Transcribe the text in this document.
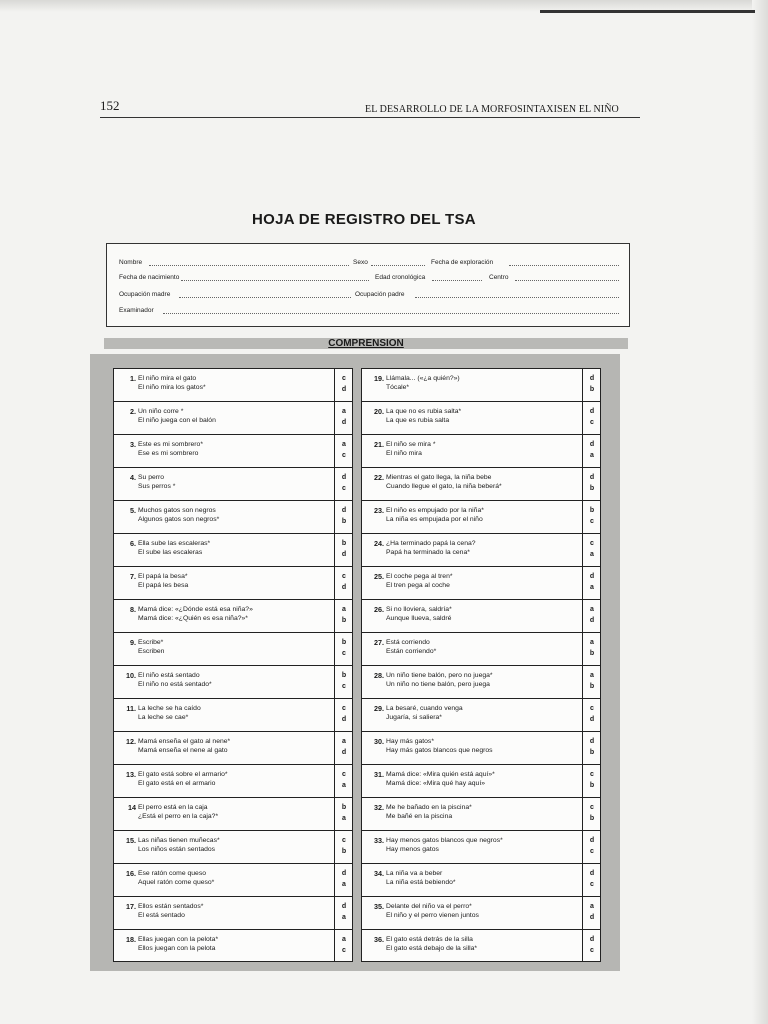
152	EL DESARROLLO DE LA MORFOSINTAXISEN EL NIÑO
HOJA DE REGISTRO DEL TSA
Nombre	Sexo	Fecha de exploración
Fecha de nacimiento	Edad cronológica	Centro
Ocupación madre	Ocupación padre
Examinador
COMPRENSION
1. El niño mira el gato
El niño mira los gatos*
c
d
2. Un niño corre *
El niño juega con el balón
a
d
3. Este es mi sombrero*
Ese es mi sombrero
a
c
4. Su perro
Sus perros *
d
c
5. Muchos gatos son negros
Algunos gatos son negros*
d
b
6. Ella sube las escaleras*
El sube las escaleras
b
d
7. El papá la besa*
El papá les besa
c
d
8. Mamá dice: «¿Dónde está esa niña?»
Mamá dice: «¿Quién es esa niña?»*
a
b
9. Escribe*
Escriben
b
c
10. El niño está sentado
El niño no está sentado*
b
c
11. La leche se ha caído
La leche se cae*
c
d
12. Mamá enseña el gato al nene*
Mamá enseña el nene al gato
a
d
13. El gato está sobre el armario*
El gato está en el armario
c
a
14 El perro está en la caja
¿Está el perro en la caja?*
b
a
15. Las niñas tienen muñecas*
Los niños están sentados
c
b
16. Ese ratón come queso
Aquel ratón come queso*
d
a
17. Ellos están sentados*
El está sentado
d
a
18. Ellas juegan con la pelota*
Ellos juegan con la pelota
a
c
19. Llámala... («¿a quién?»)
Tócale*
d
b
20. La que no es rubia salta*
La que es rubia salta
d
c
21. El niño se mira *
El niño mira
d
a
22. Mientras el gato llega, la niña bebe
Cuando llegue el gato, la niña beberá*
d
b
23. El niño es empujado por la niña*
La niña es empujada por el niño
b
c
24. ¿Ha terminado papá la cena?
Papá ha terminado la cena*
c
a
25. El coche pega al tren*
El tren pega al coche
d
a
26. Si no lloviera, saldría*
Aunque llueva, saldré
a
d
27. Está corriendo
Están corriendo*
a
b
28. Un niño tiene balón, pero no juega*
Un niño no tiene balón, pero juega
a
b
29. La besaré, cuando venga
Jugaría, si saliera*
c
d
30. Hay más gatos*
Hay más gatos blancos que negros
d
b
31. Mamá dice: «Mira quién está aquí»*
Mamá dice: «Mira qué hay aquí»
c
b
32. Me he bañado en la piscina*
Me bañé en la piscina
c
b
33. Hay menos gatos blancos que negros*
Hay menos gatos
d
c
34. La niña va a beber
La niña está bebiendo*
d
c
35. Delante del niño va el perro*
El niño y el perro vienen juntos
a
d
36. El gato está detrás de la silla
El gato está debajo de la silla*
d
c
